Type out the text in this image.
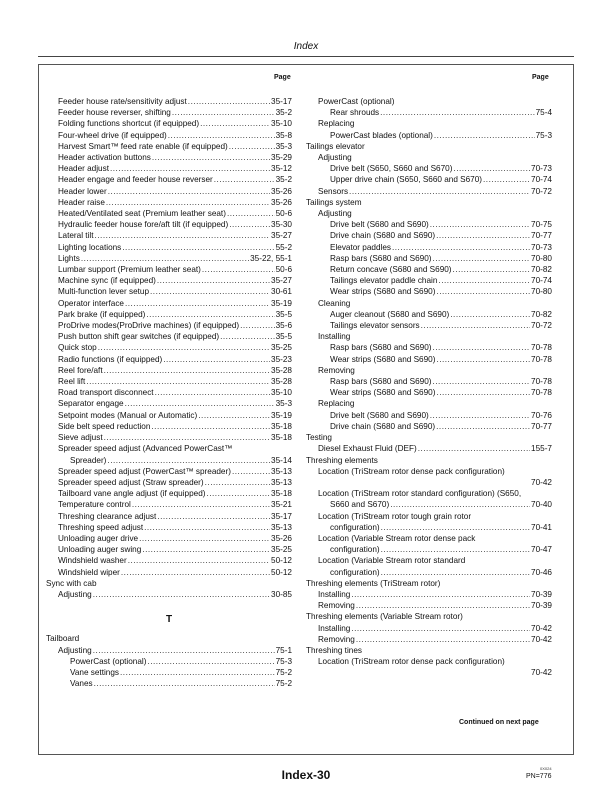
Index
Page	Page
Feeder house rate/sensitivity adjust .....	35-17
Feeder house reverser, shifting .....	35-2
Folding functions shortcut (if equipped) .....	35-10
Four-wheel drive (if equipped) .....	35-8
Harvest Smart™ feed rate enable (if equipped) .....	35-3
Header activation buttons .....	35-29
Header adjust .....	35-12
Header engage and feeder house reverser .....	35-2
Header lower .....	35-26
Header raise .....	35-26
Heated/Ventilated seat (Premium leather seat) .....	50-6
Hydraulic feeder house fore/aft tilt (if equipped) .....	35-30
Lateral tilt .....	35-27
Lighting locations .....	55-2
Lights .....	35-22, 55-1
Lumbar support (Premium leather seat) .....	50-6
Machine sync (if equipped) .....	35-27
Multi-function lever setup .....	30-61
Operator interface .....	35-19
Park brake (if equipped) .....	35-5
ProDrive modes(ProDrive machines) (if equipped) .....	35-6
Push button shift gear switches (if equipped) .....	35-5
Quick stop .....	35-25
Radio functions (if equipped) .....	35-23
Reel fore/aft .....	35-28
Reel lift .....	35-28
Road transport disconnect .....	35-10
Separator engage .....	35-3
Setpoint modes (Manual or Automatic) .....	35-19
Side belt speed reduction .....	35-18
Sieve adjust .....	35-18
Spreader speed adjust (Advanced PowerCast™
Spreader) .....	35-14
Spreader speed adjust (PowerCast™ spreader) .....	35-13
Spreader speed adjust (Straw spreader) .....	35-13
Tailboard vane angle adjust (if equipped) .....	35-18
Temperature control .....	35-21
Threshing clearance adjust .....	35-17
Threshing speed adjust .....	35-13
Unloading auger drive .....	35-26
Unloading auger swing .....	35-25
Windshield washer .....	50-12
Windshield wiper .....	50-12
Sync with cab
Adjusting .....	30-85
T
Tailboard
Adjusting .....	75-1
PowerCast (optional) .....	75-3
Vane settings .....	75-2
Vanes .....	75-2
PowerCast (optional)
Rear shrouds .....	75-4
Replacing
PowerCast blades (optional) .....	75-3
Tailings elevator
Adjusting
Drive belt (S650, S660 and S670) .....	70-73
Upper drive chain (S650, S660 and S670) .....	70-74
Sensors .....	70-72
Tailings system
Adjusting
Drive belt (S680 and S690) .....	70-75
Drive chain (S680 and S690) .....	70-77
Elevator paddles .....	70-73
Rasp bars (S680 and S690) .....	70-80
Return concave (S680 and S690) .....	70-82
Tailings elevator paddle chain .....	70-74
Wear strips (S680 and S690) .....	70-80
Cleaning
Auger cleanout (S680 and S690) .....	70-82
Tailings elevator sensors .....	70-72
Installing
Rasp bars (S680 and S690) .....	70-78
Wear strips (S680 and S690) .....	70-78
Removing
Rasp bars (S680 and S690) .....	70-78
Wear strips (S680 and S690) .....	70-78
Replacing
Drive belt (S680 and S690) .....	70-76
Drive chain (S680 and S690) .....	70-77
Testing
Diesel Exhaust Fluid (DEF) .....	155-7
Threshing elements
Location (TriStream rotor dense pack configuration)
70-42
Location (TriStream rotor standard configuration) (S650,
S660 and S670) .....	70-40
Location (TriStream rotor tough grain rotor
configuration) .....	70-41
Location (Variable Stream rotor dense pack
configuration) .....	70-47
Location (Variable Stream rotor standard
configuration) .....	70-46
Threshing elements (TriStream rotor)
Installing .....	70-39
Removing .....	70-39
Threshing elements (Variable Stream rotor)
Installing .....	70-42
Removing .....	70-42
Threshing tines
Location (TriStream rotor dense pack configuration)
70-42
Continued on next page
Index-30	0X024
PN=776
